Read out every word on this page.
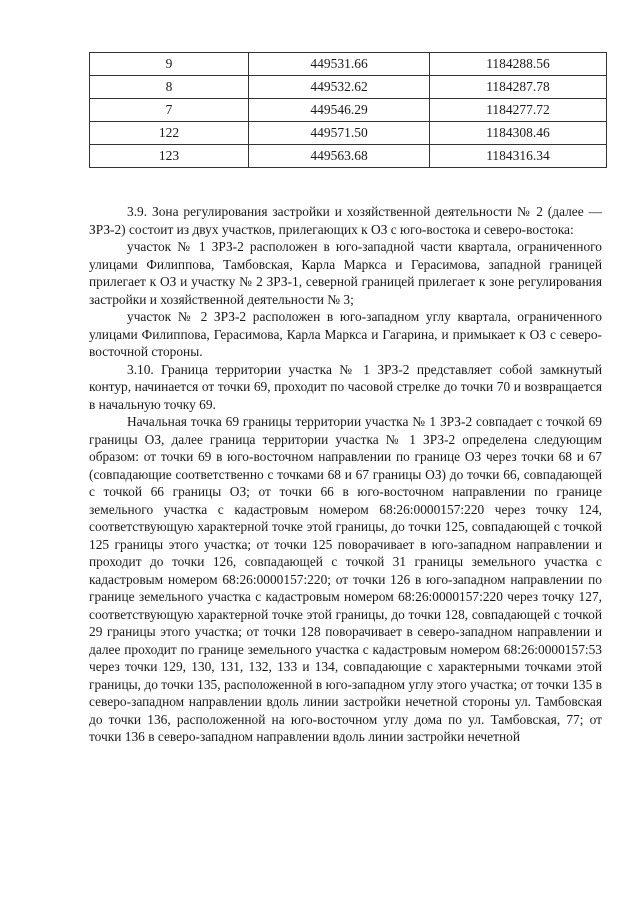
9	449531.66	1184288.56
8	449532.62	1184287.78
7	449546.29	1184277.72
122	449571.50	1184308.46
123	449563.68	1184316.34

3.9. Зона регулирования застройки и хозяйственной деятельности № 2 (далее — ЗРЗ-2) состоит из двух участков, прилегающих к ОЗ с юго-востока и северо-востока:

участок № 1 ЗРЗ-2 расположен в юго-западной части квартала, ограниченного улицами Филиппова, Тамбовская, Карла Маркса и Герасимова, западной границей прилегает к ОЗ и участку № 2 ЗРЗ-1, северной границей прилегает к зоне регулирования застройки и хозяйственной деятельности № 3;

участок № 2 ЗРЗ-2 расположен в юго-западном углу квартала, ограниченного улицами Филиппова, Герасимова, Карла Маркса и Гагарина, и примыкает к ОЗ с северо-восточной стороны.

3.10. Граница территории участка № 1 ЗРЗ-2 представляет собой замкнутый контур, начинается от точки 69, проходит по часовой стрелке до точки 70 и возвращается в начальную точку 69.

Начальная точка 69 границы территории участка № 1 ЗРЗ-2 совпадает с точкой 69 границы ОЗ, далее граница территории участка № 1 ЗРЗ-2 определена следующим образом: от точки 69 в юго-восточном направлении по границе ОЗ через точки 68 и 67 (совпадающие соответственно с точками 68 и 67 границы ОЗ) до точки 66, совпадающей с точкой 66 границы ОЗ; от точки 66 в юго-восточном направлении по границе земельного участка с кадастровым номером 68:26:0000157:220 через точку 124, соответствующую характерной точке этой границы, до точки 125, совпадающей с точкой 125 границы этого участка; от точки 125 поворачивает в юго-западном направлении и проходит до точки 126, совпадающей с точкой 31 границы земельного участка с кадастровым номером 68:26:0000157:220; от точки 126 в юго-западном направлении по границе земельного участка с кадастровым номером 68:26:0000157:220 через точку 127, соответствующую характерной точке этой границы, до точки 128, совпадающей с точкой 29 границы этого участка; от точки 128 поворачивает в северо-западном направлении и далее проходит по границе земельного участка с кадастровым номером 68:26:0000157:53 через точки 129, 130, 131, 132, 133 и 134, совпадающие с характерными точками этой границы, до точки 135, расположенной в юго-западном углу этого участка; от точки 135 в северо-западном направлении вдоль линии застройки нечетной стороны ул. Тамбовская до точки 136, расположенной на юго-восточном углу дома по ул. Тамбовская, 77; от точки 136 в северо-западном направлении вдоль линии застройки нечетной
